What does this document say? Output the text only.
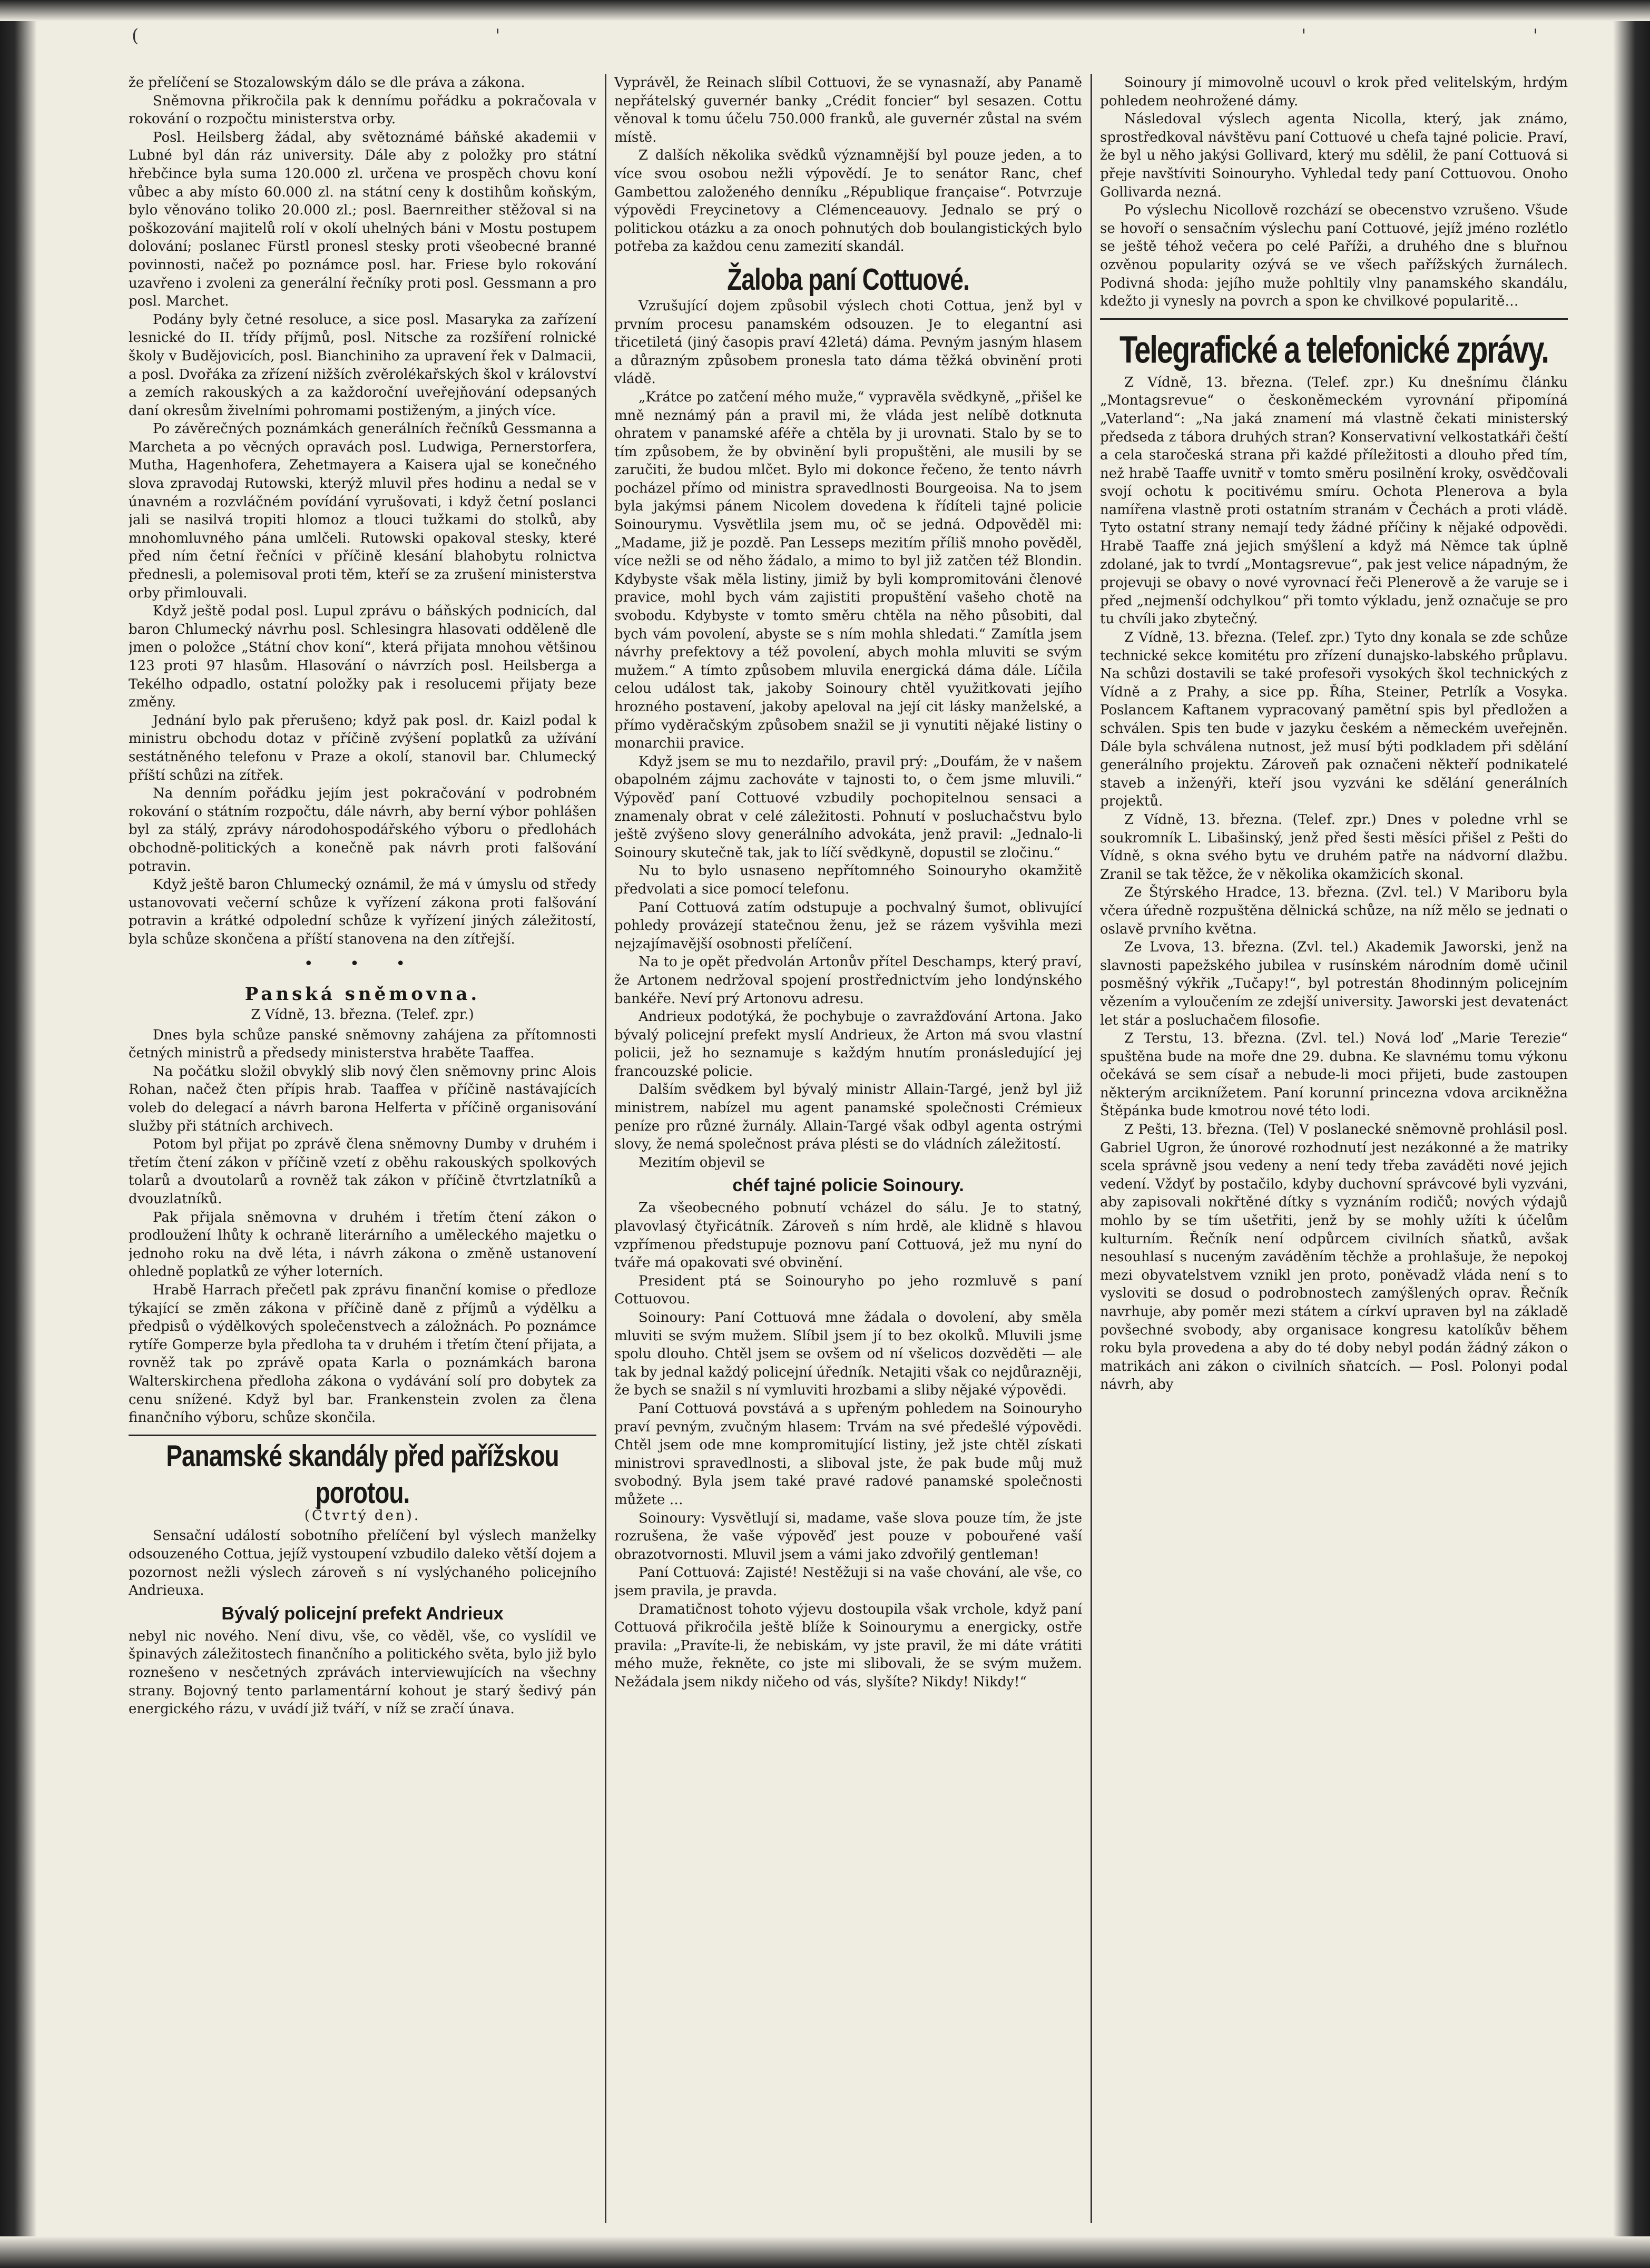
(	'	'	'

že přelíčení se Stozalowským dálo se dle práva a zákona.

Sněmovna přikročila pak k dennímu pořádku a pokračovala v rokování o rozpočtu ministerstva orby.

Posl. Heilsberg žádal, aby světoznámé báňské akademii v Lubné byl dán ráz university. Dále aby z položky pro státní hřebčince byla suma 120.000 zl. určena ve prospěch chovu koní vůbec a aby místo 60.000 zl. na státní ceny k dostihům koňským, bylo věnováno toliko 20.000 zl.; posl. Baernreither stěžoval si na poškozování majitelů rolí v okolí uhelných báni v Mostu postupem dolování; poslanec Fürstl pronesl stesky proti všeobecné branné povinnosti, načež po poznámce posl. har. Friese bylo rokování uzavřeno i zvoleni za generální řečníky proti posl. Gessmann a pro posl. Marchet.

Podány byly četné resoluce, a sice posl. Masaryka za zařízení lesnické do II. třídy příjmů, posl. Nitsche za rozšíření rolnické školy v Budějovicích, posl. Bianchiniho za upravení řek v Dalmacii, a posl. Dvořáka za zřízení nižších zvěrolékařských škol v království a zemích rakouských a za každoroční uveřejňování odepsaných daní okresům živelními pohromami postiženým, a jiných více.

Po závěrečných poznámkách generálních řečníků Gessmanna a Marcheta a po věcných opravách posl. Ludwiga, Pernerstorfera, Mutha, Hagenhofera, Zehetmayera a Kaisera ujal se konečného slova zpravodaj Rutowski, kterýž mluvil přes hodinu a nedal se v únavném a rozvláčném povídání vyrušovati, i když četní poslanci jali se nasilvá tropiti hlomoz a tlouci tužkami do stolků, aby mnohomluvného pána umlčeli. Rutowski opakoval stesky, které před ním četní řečníci v příčině klesání blahobytu rolnictva přednesli, a polemisoval proti těm, kteří se za zrušení ministerstva orby přimlouvali.

Když ještě podal posl. Lupul zprávu o báňských podnicích, dal baron Chlumecký návrhu posl. Schlesingra hlasovati odděleně dle jmen o položce „Státní chov koní“, která přijata mnohou většinou 123 proti 97 hlasům. Hlasování o návrzích posl. Heilsberga a Tekélho odpadlo, ostatní položky pak i resolucemi přijaty beze změny.

Jednání bylo pak přerušeno; když pak posl. dr. Kaizl podal k ministru obchodu dotaz v příčině zvýšení poplatků za užívání sestátněného telefonu v Praze a okolí, stanovil bar. Chlumecký příští schůzi na zítřek.

Na denním pořádku jejím jest pokračování v podrobném rokování o státním rozpočtu, dále návrh, aby berní výbor pohlášen byl za stálý, zprávy národohospodářského výboru o předlohách obchodně-politických a konečně pak návrh proti falšování potravin.

Když ještě baron Chlumecký oznámil, že má v úmyslu od středy ustanovovati večerní schůze k vyřízení zákona proti falšování potravin a krátké odpolední schůze k vyřízení jiných záležitostí, byla schůze skončena a příští stanovena na den zítřejší.

• • •
Panská sněmovna.
Z Vídně, 13. března. (Telef. zpr.)

Dnes byla schůze panské sněmovny zahájena za přítomnosti četných ministrů a předsedy ministerstva hraběte Taaffea.

Na počátku složil obvyklý slib nový člen sněmovny princ Alois Rohan, načež čten přípis hrab. Taaffea v příčině nastávajících voleb do delegací a návrh barona Helferta v příčině organisování služby při státních archivech.

Potom byl přijat po zprávě člena sněmovny Dumby v druhém i třetím čtení zákon v příčině vzetí z oběhu rakouských spolkových tolarů a dvoutolarů a rovněž tak zákon v příčině čtvrtzlatníků a dvouzlatníků.

Pak přijala sněmovna v druhém i třetím čtení zákon o prodloužení lhůty k ochraně literárního a uměleckého majetku o jednoho roku na dvě léta, i návrh zákona o změně ustanovení ohledně poplatků ze výher loterních.

Hrabě Harrach přečetl pak zprávu finanční komise o předloze týkající se změn zákona v příčině daně z příjmů a výdělku a předpisů o výdělkových společenstvech a záložnách. Po poznámce rytíře Gomperze byla předloha ta v druhém i třetím čtení přijata, a rovněž tak po zprávě opata Karla o poznámkách barona Walterskirchena předloha zákona o vydávání solí pro dobytek za cenu snížené. Když byl bar. Frankenstein zvolen za člena finančního výboru, schůze skončila.

Panamské skandály před pařížskou porotou.
(Čtvrtý den).

Sensační událostí sobotního přelíčení byl výslech manželky odsouzeného Cottua, jejíž vystoupení vzbudilo daleko větší dojem a pozornost nežli výslech zároveň s ní vyslýchaného policejního Andrieuxa.

Bývalý policejní prefekt Andrieux

nebyl nic nového. Není divu, vše, co věděl, vše, co vyslídil ve špinavých záležitostech finančního a politického světa, bylo již bylo roznešeno v nesčetných zprávách interviewujících na všechny strany. Bojovný tento parlamentární kohout je starý šedivý pán energického rázu, v uvádí již tváří, v níž se zračí únava.

Vyprávěl, že Reinach slíbil Cottuovi, že se vynasnaží, aby Panamě nepřátelský guvernér banky „Crédit foncier“ byl sesazen. Cottu věnoval k tomu účelu 750.000 franků, ale guvernér zůstal na svém místě.

Z dalších několika svědků významnější byl pouze jeden, a to více svou osobou nežli výpovědí. Je to senátor Ranc, chef Gambettou založeného denníku „République française“. Potvrzuje výpovědi Freycinetovy a Clémenceauovy. Jednalo se prý o politickou otázku a za onoch pohnutých dob boulangistických bylo potřeba za každou cenu zamezití skandál.

Žaloba paní Cottuové.

Vzrušující dojem způsobil výslech choti Cottua, jenž byl v prvním procesu panamském odsouzen. Je to elegantní asi třicetiletá (jiný časopis praví 42letá) dáma. Pevným jasným hlasem a důrazným způsobem pronesla tato dáma těžká obvinění proti vládě.

„Krátce po zatčení mého muže,“ vypravěla svědkyně, „přišel ke mně neznámý pán a pravil mi, že vláda jest nelíbě dotknuta ohratem v panamské aféře a chtěla by ji urovnati. Stalo by se to tím způsobem, že by obvinění byli propuštěni, ale musili by se zaručiti, že budou mlčet. Bylo mi dokonce řečeno, že tento návrh pocházel přímo od ministra spravedlnosti Bourgeoisa. Na to jsem byla jakýmsi pánem Nicolem dovedena k řídíteli tajné policie Soinourymu. Vysvětlila jsem mu, oč se jedná. Odpověděl mi: „Madame, již je pozdě. Pan Lesseps mezitím příliš mnoho pověděl, více nežli se od něho žádalo, a mimo to byl již zatčen též Blondin. Kdybyste však měla listiny, jimiž by byli kompromitováni členové pravice, mohl bych vám zajistiti propuštění vašeho chotě na svobodu. Kdybyste v tomto směru chtěla na něho působiti, dal bych vám povolení, abyste se s ním mohla shledati.“ Zamítla jsem návrhy prefektovy a též povolení, abych mohla mluviti se svým mužem.“ A tímto způsobem mluvila energická dáma dále. Líčila celou událost tak, jakoby Soinoury chtěl využitkovati jejího hrozného postavení, jakoby apeloval na její cit lásky manželské, a přímo vyděračským způsobem snažil se ji vynutiti nějaké listiny o monarchii pravice.

Když jsem se mu to nezdařilo, pravil prý: „Doufám, že v našem obapolném zájmu zachováte v tajnosti to, o čem jsme mluvili.“ Výpověď paní Cottuové vzbudily pochopitelnou sensaci a znamenaly obrat v celé záležitosti. Pohnutí v posluchačstvu bylo ještě zvýšeno slovy generálního advokáta, jenž pravil: „Jednalo-li Soinoury skutečně tak, jak to líčí svědkyně, dopustil se zločinu.“

Nu to bylo usnaseno nepřítomného Soinouryho okamžitě předvolati a sice pomocí telefonu.

Paní Cottuová zatím odstupuje a pochvalný šumot, oblivující pohledy provázejí statečnou ženu, jež se rázem vyšvihla mezi nejzajímavější osobnosti přelíčení.

Na to je opět předvolán Artonův přítel Deschamps, který praví, že Artonem nedržoval spojení prostřednictvím jeho londýnského bankéře. Neví prý Artonovu adresu.

Andrieux podotýká, že pochybuje o zavražďování Artona. Jako bývalý policejní prefekt myslí Andrieux, že Arton má svou vlastní policii, jež ho seznamuje s každým hnutím pronásledující jej francouzské policie.

Dalším svědkem byl bývalý ministr Allain-Targé, jenž byl již ministrem, nabízel mu agent panamské společnosti Crémieux peníze pro různé žurnály. Allain-Targé však odbyl agenta ostrými slovy, že nemá společnost práva plésti se do vládních záležitostí.

Mezitím objevil se

chéf tajné policie Soinoury.

Za všeobecného pobnutí vcházel do sálu. Je to statný, plavovlasý čtyřicátník. Zároveň s ním hrdě, ale klidně s hlavou vzpřímenou předstupuje poznovu paní Cottuová, jež mu nyní do tváře má opakovati své obvinění.

President ptá se Soinouryho po jeho rozmluvě s paní Cottuovou.

Soinoury: Paní Cottuová mne žádala o dovolení, aby směla mluviti se svým mužem. Slíbil jsem jí to bez okolků. Mluvili jsme spolu dlouho. Chtěl jsem se ovšem od ní všelicos dozvěděti — ale tak by jednal každý policejní úředník. Netajiti však co nejdůrazněji, že bych se snažil s ní vymluviti hrozbami a sliby nějaké výpovědi.

Paní Cottuová povstává a s upřeným pohledem na Soinouryho praví pevným, zvučným hlasem: Trvám na své předešlé výpovědi. Chtěl jsem ode mne kompromitující listiny, jež jste chtěl získati ministrovi spravedlnosti, a sliboval jste, že pak bude můj muž svobodný. Byla jsem také pravé radové panamské společnosti můžete …

Soinoury: Vysvětlují si, madame, vaše slova pouze tím, že jste rozrušena, že vaše výpověď jest pouze v pobouřené vaší obrazotvornosti. Mluvil jsem a vámi jako zdvořilý gentleman!

Paní Cottuová: Zajisté! Nestěžuji si na vaše chování, ale vše, co jsem pravila, je pravda.

Dramatičnost tohoto výjevu dostoupila však vrchole, když paní Cottuová přikročila ještě blíže k Soinourymu a energicky, ostře pravila: „Pravíte-li, že nebiskám, vy jste pravil, že mi dáte vrátiti mého muže, řekněte, co jste mi slibovali, že se svým mužem. Nežádala jsem nikdy ničeho od vás, slyšíte? Nikdy! Nikdy!“

Soinoury jí mimovolně ucouvl o krok před velitelským, hrdým pohledem neohrožené dámy.

Následoval výslech agenta Nicolla, který, jak známo, sprostředkoval návštěvu paní Cottuové u chefa tajné policie. Praví, že byl u něho jakýsi Gollivard, který mu sdělil, že paní Cottuová si přeje navštíviti Soinouryho. Vyhledal tedy paní Cottuovou. Onoho Gollivarda nezná.

Po výslechu Nicollově rozchází se obecenstvo vzrušeno. Všude se hovoří o sensačním výslechu paní Cottuové, jejíž jméno rozlétlo se ještě téhož večera po celé Paříži, a druhého dne s bluřnou ozvěnou popularity ozývá se ve všech pařížských žurnálech. Podivná shoda: jejího muže pohltily vlny panamského skandálu, kdežto ji vynesly na povrch a spon ke chvilkové popularitě…

Telegrafické a telefonické zprávy.

Z Vídně, 13. března. (Telef. zpr.) Ku dnešnímu článku „Montagsrevue“ o českoněmeckém vyrovnání připomíná „Vaterland“: „Na jaká znamení má vlastně čekati ministerský předseda z tábora druhých stran? Konservativní velkostatkáři čeští a cela staročeská strana při každé příležitosti a dlouho před tím, než hrabě Taaffe uvnitř v tomto směru posilnění kroky, osvědčovali svojí ochotu k pocitivému smíru. Ochota Plenerova a byla namířena vlastně proti ostatním stranám v Čechách a proti vládě. Tyto ostatní strany nemají tedy žádné příčiny k nějaké odpovědi. Hrabě Taaffe zná jejich smýšlení a když má Němce tak úplně zdolané, jak to tvrdí „Montagsrevue“, pak jest velice nápadným, že projevuji se obavy o nové vyrovnací řeči Plenerově a že varuje se i před „nejmenší odchylkou“ při tomto výkladu, jenž označuje se pro tu chvíli jako zbytečný.

Z Vídně, 13. března. (Telef. zpr.) Tyto dny konala se zde schůze technické sekce komitétu pro zřízení dunajsko-labského průplavu. Na schůzi dostavili se také profesoři vysokých škol technických z Vídně a z Prahy, a sice pp. Říha, Steiner, Petrlík a Vosyka. Poslancem Kaftanem vypracovaný pamětní spis byl předložen a schválen. Spis ten bude v jazyku českém a německém uveřejněn. Dále byla schválena nutnost, jež musí býti podkladem při sdělání generálního projektu. Zároveň pak označeni někteří podnikatelé staveb a inženýři, kteří jsou vyzváni ke sdělání generálních projektů.

Z Vídně, 13. března. (Telef. zpr.) Dnes v poledne vrhl se soukromník L. Libašinský, jenž před šesti měsíci přišel z Pešti do Vídně, s okna svého bytu ve druhém patře na nádvorní dlažbu. Zranil se tak těžce, že v několika okamžicích skonal.

Ze Štýrského Hradce, 13. března. (Zvl. tel.) V Mariboru byla včera úředně rozpuštěna dělnická schůze, na níž mělo se jednati o oslavě prvního května.

Ze Lvova, 13. března. (Zvl. tel.) Akademik Jaworski, jenž na slavnosti papežského jubilea v rusínském národním domě učinil posměšný výkřik „Tučapy!“, byl potrestán 8hodinným policejním vězením a vyloučením ze zdejší university. Jaworski jest devatenáct let stár a posluchačem filosofie.

Z Terstu, 13. března. (Zvl. tel.) Nová loď „Marie Terezie“ spuštěna bude na moře dne 29. dubna. Ke slavnému tomu výkonu očekává se sem císař a nebude-li moci přijeti, bude zastoupen některým arciknížetem. Paní korunní princezna vdova arcikněžna Štěpánka bude kmotrou nové této lodi.

Z Pešti, 13. března. (Tel) V poslanecké sněmovně prohlásil posl. Gabriel Ugron, že únorové rozhodnutí jest nezákonné a že matriky scela správně jsou vedeny a není tedy třeba zaváděti nové jejich vedení. Vždyť by postačilo, kdyby duchovní správcové byli vyzváni, aby zapisovali nokřtěné dítky s vyznáním rodičů; nových výdajů mohlo by se tím ušetřiti, jenž by se mohly užíti k účelům kulturním. Řečník není odpůrcem civilních sňatků, avšak nesouhlasí s nuceným zaváděním těchže a prohlašuje, že nepokoj mezi obyvatelstvem vznikl jen proto, poněvadž vláda není s to vysloviti se dosud o podrobnostech zamýšlených oprav. Řečník navrhuje, aby poměr mezi státem a církví upraven byl na základě povšechné svobody, aby organisace kongresu katolíkův během roku byla provedena a aby do té doby nebyl podán žádný zákon o matrikách ani zákon o civilních sňatcích. — Posl. Polonyi podal návrh, aby
